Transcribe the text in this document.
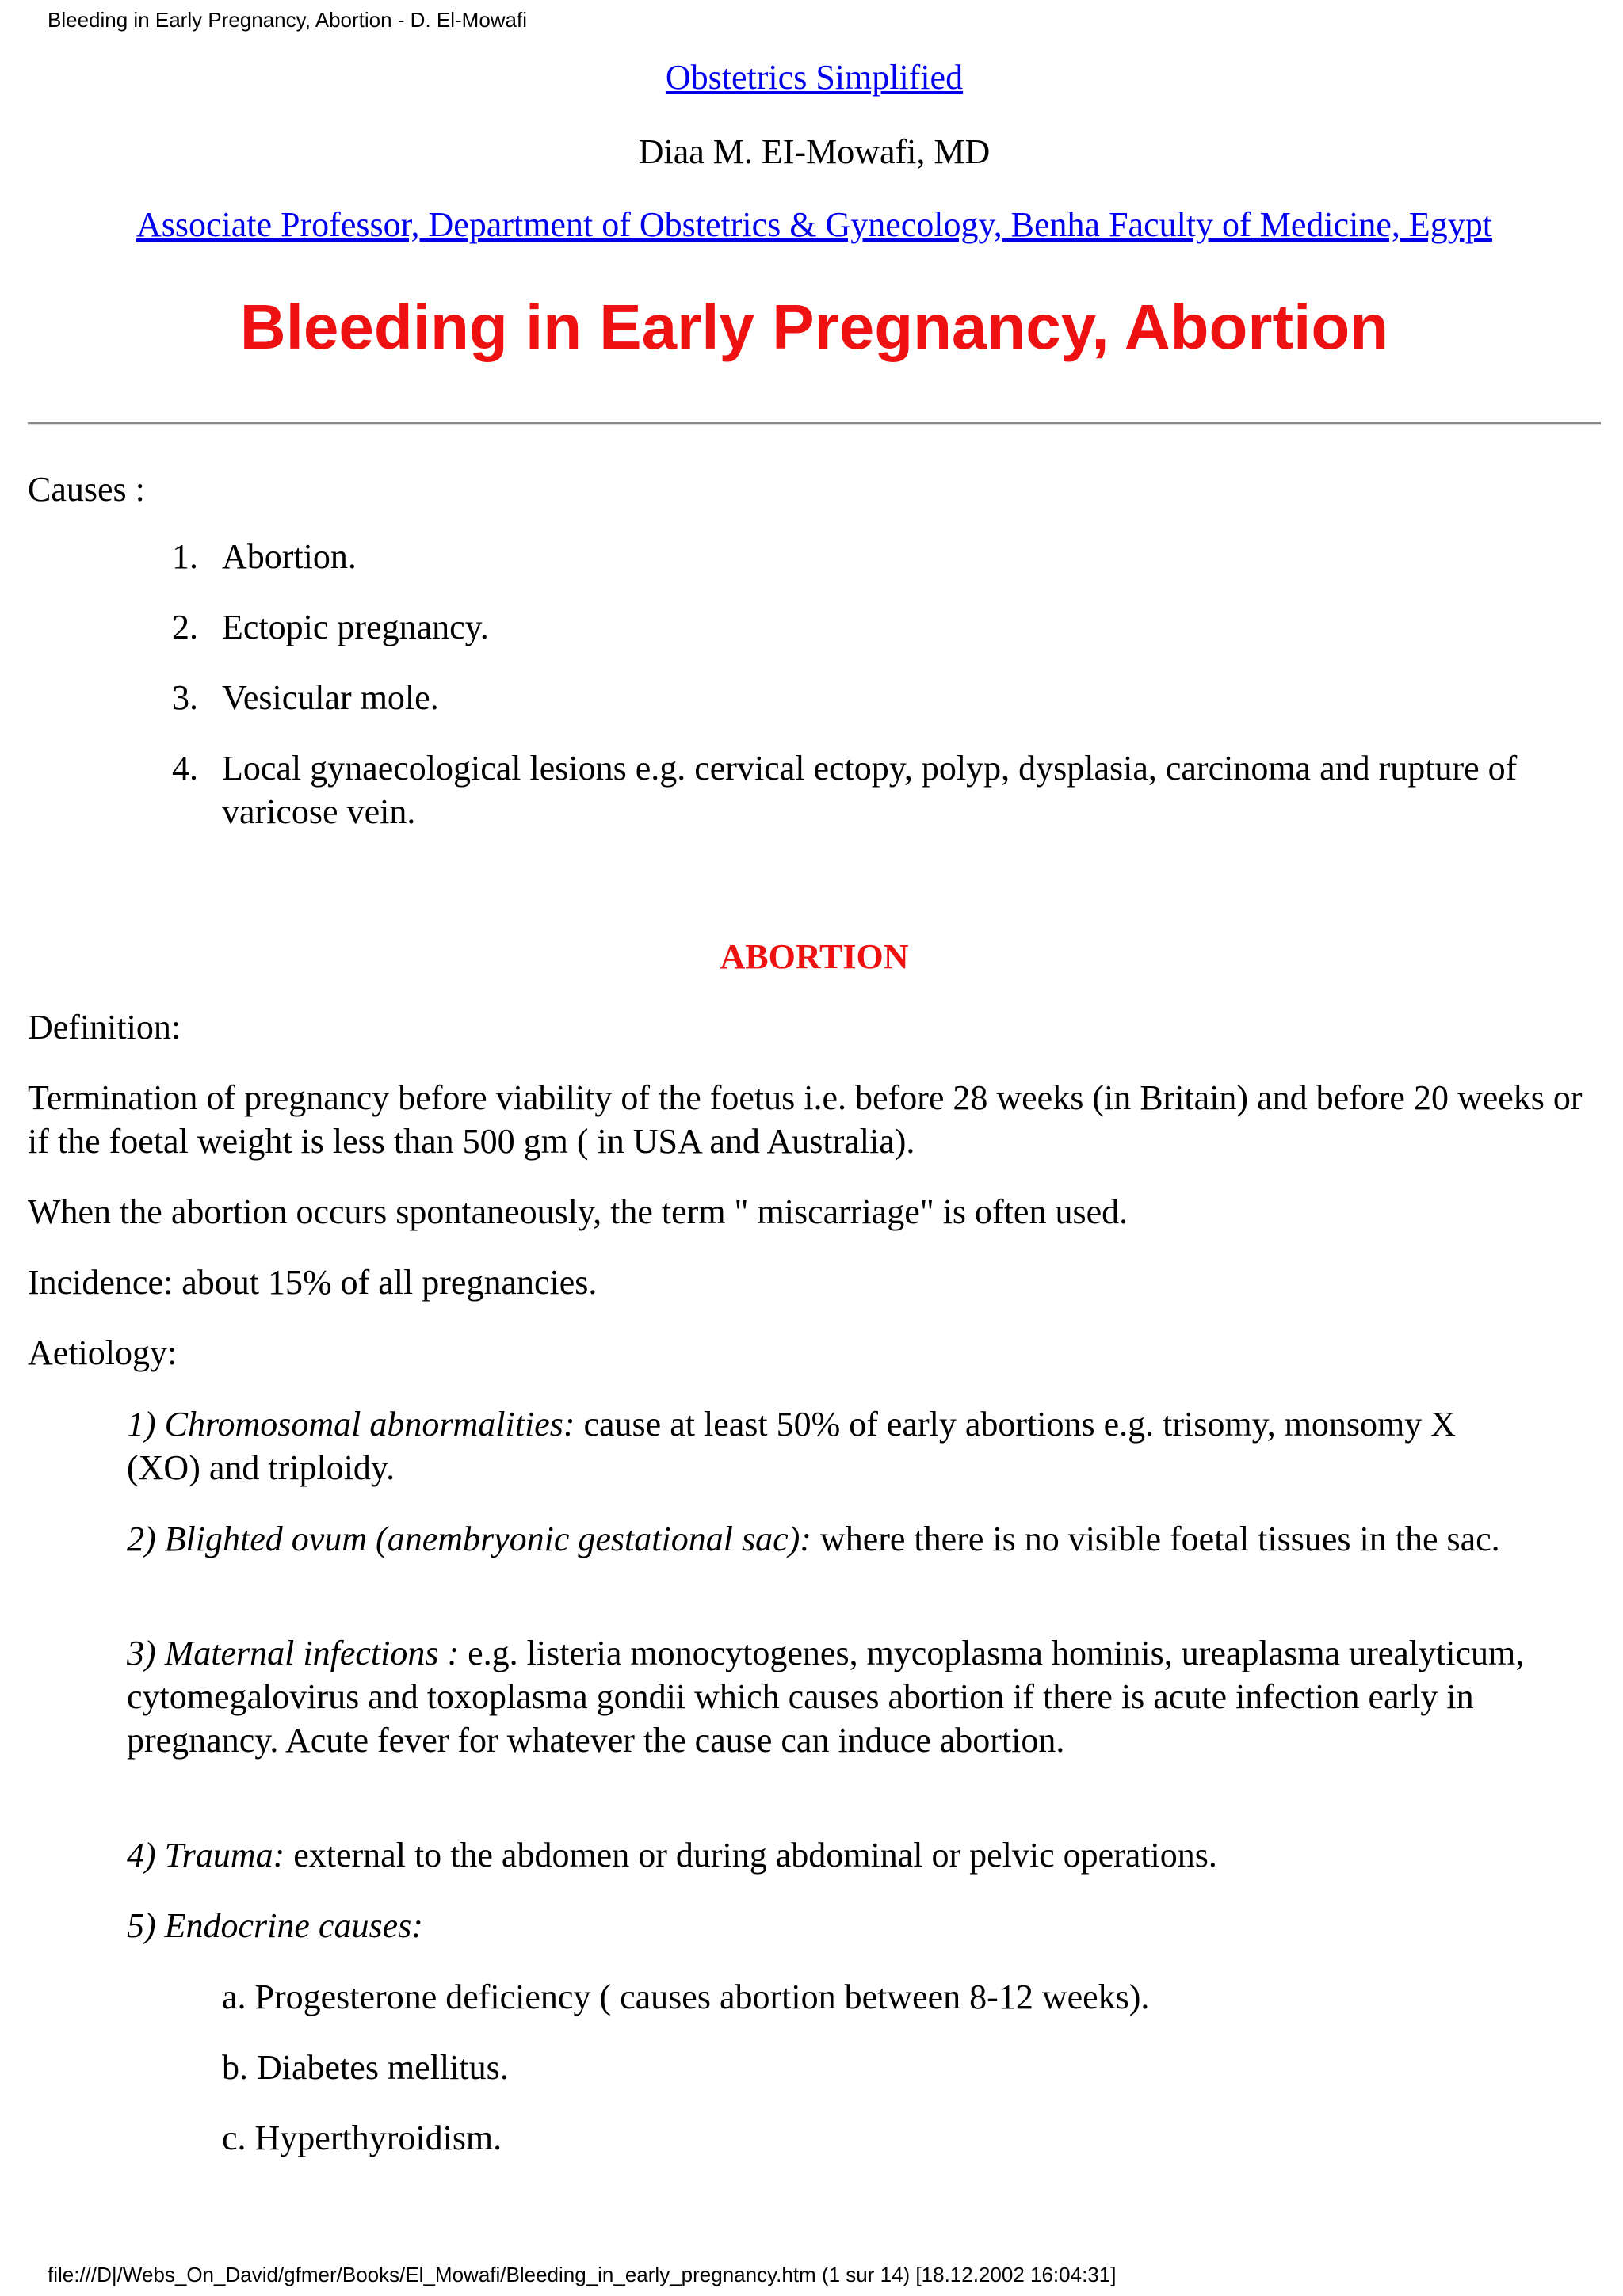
Bleeding in Early Pregnancy, Abortion - D. El-Mowafi
Obstetrics Simplified
Diaa M. EI-Mowafi, MD
Associate Professor, Department of Obstetrics & Gynecology, Benha Faculty of Medicine, Egypt
Bleeding in Early Pregnancy, Abortion

Causes :

1. Abortion.
2. Ectopic pregnancy.
3. Vesicular mole.
4. Local gynaecological lesions e.g. cervical ectopy, polyp, dysplasia, carcinoma and rupture of varicose vein.
ABORTION

Definition:

Termination of pregnancy before viability of the foetus i.e. before 28 weeks (in Britain) and before 20 weeks or if the foetal weight is less than 500 gm ( in USA and Australia).

When the abortion occurs spontaneously, the term " miscarriage" is often used.

Incidence: about 15% of all pregnancies.

Aetiology:

1) Chromosomal abnormalities: cause at least 50% of early abortions e.g. trisomy, monsomy X (XO) and triploidy.

2) Blighted ovum (anembryonic gestational sac): where there is no visible foetal tissues in the sac.

3) Maternal infections : e.g. listeria monocytogenes, mycoplasma hominis, ureaplasma urealyticum, cytomegalovirus and toxoplasma gondii which causes abortion if there is acute infection early in pregnancy. Acute fever for whatever the cause can induce abortion.

4) Trauma: external to the abdomen or during abdominal or pelvic operations.

5) Endocrine causes:

a. Progesterone deficiency ( causes abortion between 8-12 weeks).

b. Diabetes mellitus.

c. Hyperthyroidism.

file:///D|/Webs_On_David/gfmer/Books/El_Mowafi/Bleeding_in_early_pregnancy.htm (1 sur 14) [18.12.2002 16:04:31]
